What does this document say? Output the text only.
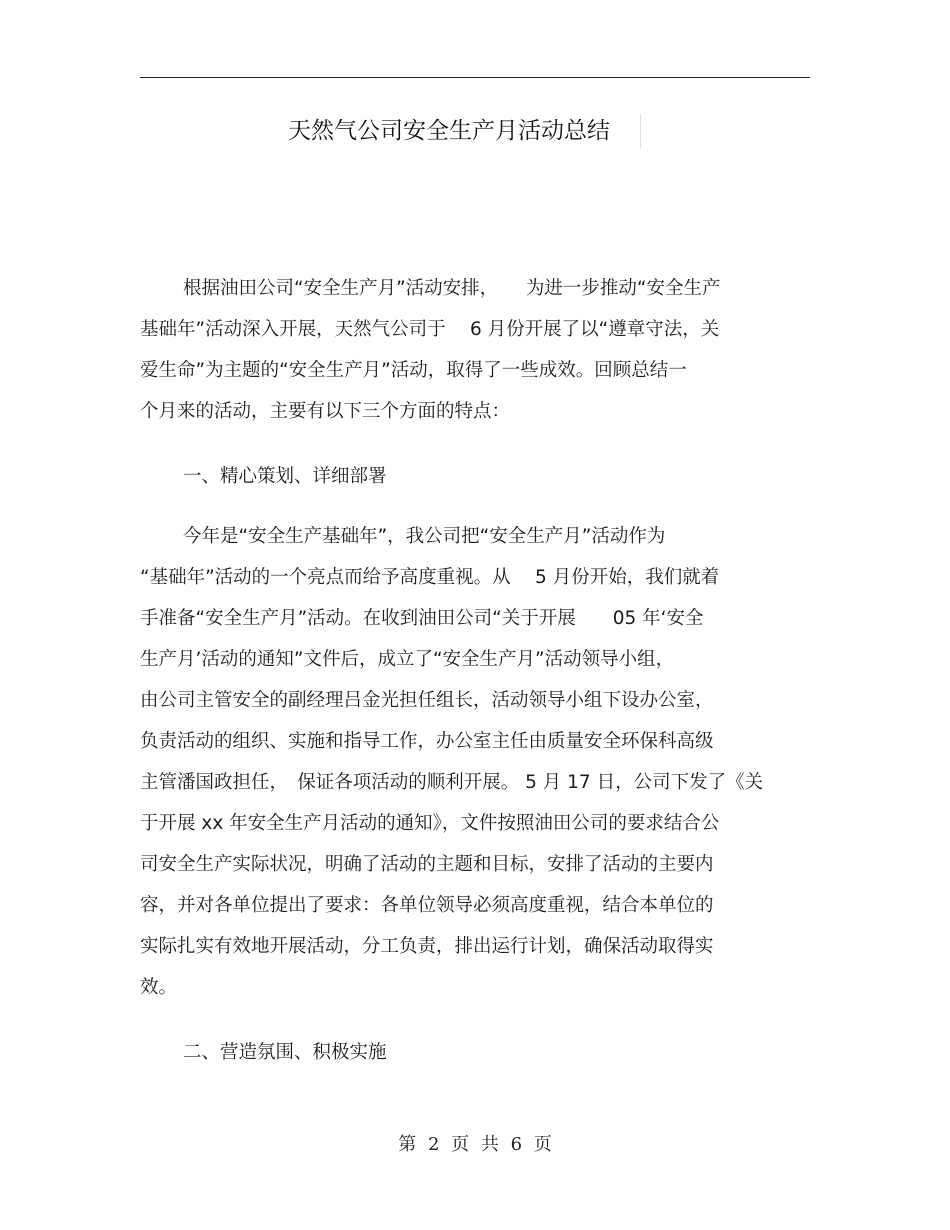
天然气公司安全生产月活动总结
根据油田公司“安全生产月”活动安排，　　为进一步推动“安全生产
基础年”活动深入开展，天然气公司于　 6 月份开展了以“遵章守法，关
爱生命”为主题的“安全生产月”活动，取得了一些成效。回顾总结一
个月来的活动，主要有以下三个方面的特点：
一、精心策划、详细部署
今年是“安全生产基础年”，我公司把“安全生产月”活动作为
“基础年”活动的一个亮点而给予高度重视。从　 5 月份开始，我们就着
手准备“安全生产月”活动。在收到油田公司“关于开展　　05 年‘安全
生产月’活动的通知”文件后，成立了“安全生产月”活动领导小组，
由公司主管安全的副经理吕金光担任组长，活动领导小组下设办公室，
负责活动的组织、实施和指导工作，办公室主任由质量安全环保科高级
主管潘国政担任，　保证各项活动的顺利开展。 5 月 17 日，公司下发了《关
于开展 xx 年安全生产月活动的通知》，文件按照油田公司的要求结合公
司安全生产实际状况，明确了活动的主题和目标，安排了活动的主要内
容，并对各单位提出了要求：各单位领导必须高度重视，结合本单位的
实际扎实有效地开展活动，分工负责，排出运行计划，确保活动取得实
效。
二、营造氛围、积极实施
第 2 页 共 6 页
